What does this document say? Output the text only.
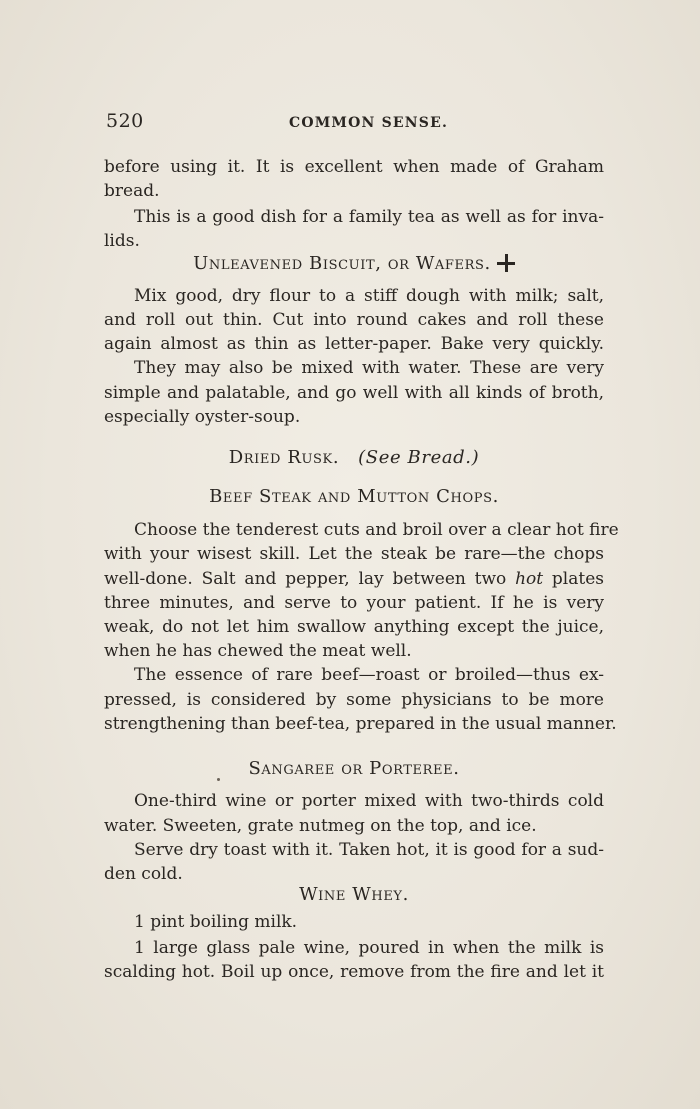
520	COMMON SENSE.
before using it. It is excellent when made of Graham
bread.
This is a good dish for a family tea as well as for inva-
lids.
Unleavened Biscuit, or Wafers.
Mix good, dry flour to a stiff dough with milk; salt,
and roll out thin. Cut into round cakes and roll these
again almost as thin as letter-paper. Bake very quickly.
They may also be mixed with water. These are very
simple and palatable, and go well with all kinds of broth,
especially oyster-soup.
Dried Rusk. (See Bread.)
Beef Steak and Mutton Chops.
Choose the tenderest cuts and broil over a clear hot fire
with your wisest skill. Let the steak be rare—the chops
well-done. Salt and pepper, lay between two hot plates
three minutes, and serve to your patient. If he is very
weak, do not let him swallow anything except the juice,
when he has chewed the meat well.
The essence of rare beef—roast or broiled—thus ex-
pressed, is considered by some physicians to be more
strengthening than beef-tea, prepared in the usual manner.
Sangaree or Porteree.
One-third wine or porter mixed with two-thirds cold
water. Sweeten, grate nutmeg on the top, and ice.
Serve dry toast with it. Taken hot, it is good for a sud-
den cold.
Wine Whey.
1 pint boiling milk.
1 large glass pale wine, poured in when the milk is
scalding hot. Boil up once, remove from the fire and let it
